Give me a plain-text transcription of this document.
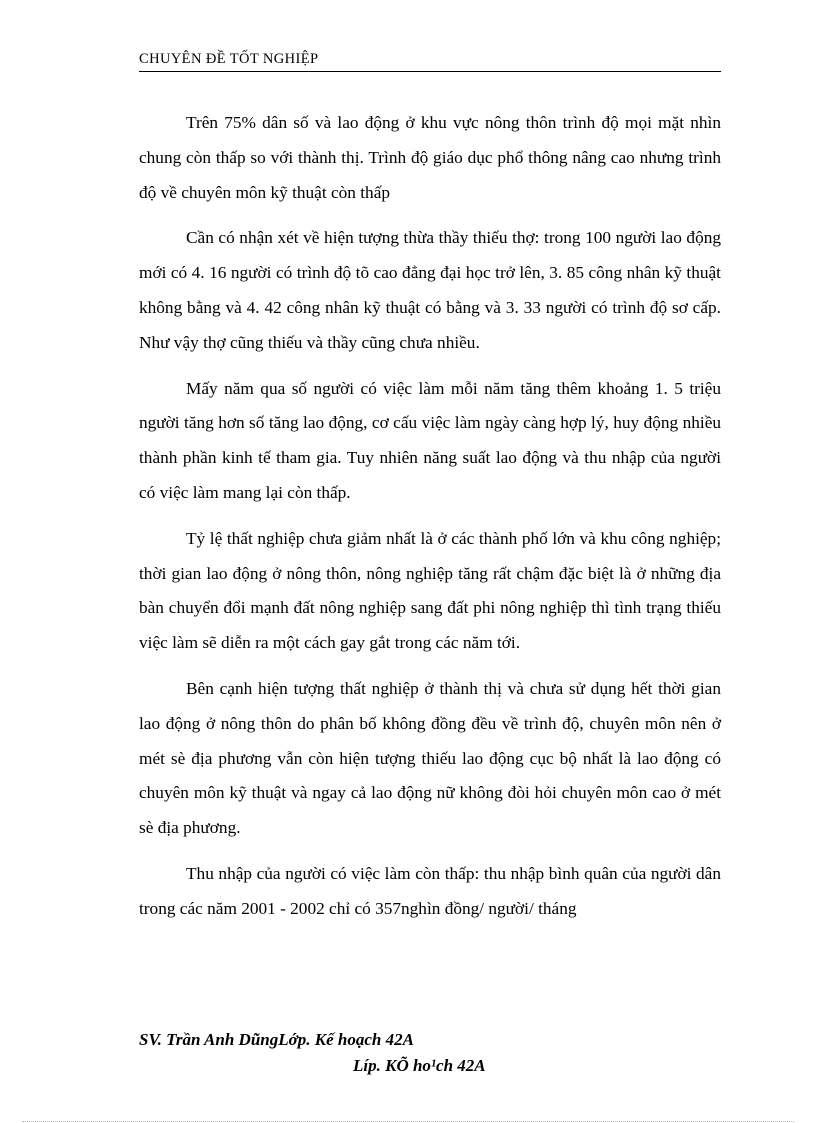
CHUYÊN ĐỀ TỐT NGHIỆP

Trên 75% dân số và lao động ở khu vực nông thôn trình độ mọi mặt nhìn chung còn thấp so với thành thị. Trình độ giáo dục phổ thông nâng cao nhưng trình độ về chuyên môn kỹ thuật còn thấp

Cần có nhận xét về hiện tượng thừa thầy thiếu thợ: trong 100 người lao động mới có 4. 16 người có trình độ tõ cao đẳng đại học trở lên, 3. 85 công nhân kỹ thuật không bằng và 4. 42 công nhân kỹ thuật có bằng và 3. 33 người có trình độ sơ cấp. Như vậy thợ cũng thiếu và thầy cũng chưa nhiều.

Mấy năm qua số người có việc làm mỗi năm tăng thêm khoảng 1. 5 triệu người tăng hơn số tăng lao động, cơ cấu việc làm ngày càng hợp lý, huy động nhiều thành phần kinh tế tham gia. Tuy nhiên năng suất lao động và thu nhập của người có việc làm mang lại còn thấp.

Tỷ lệ thất nghiệp chưa giảm nhất là ở các thành phố lớn và khu công nghiệp; thời gian lao động ở nông thôn, nông nghiệp tăng rất chậm đặc biệt là ở những địa bàn chuyển đổi mạnh đất nông nghiệp sang đất phi nông nghiệp thì tình trạng thiếu việc làm sẽ diễn ra một cách gay gắt trong các năm tới.

Bên cạnh hiện tượng thất nghiệp ở thành thị và chưa sử dụng hết thời gian lao động ở nông thôn do phân bố không đồng đều về trình độ, chuyên môn nên ở mét sè địa phương vẫn còn hiện tượng thiếu lao động cục bộ nhất là lao động có chuyên môn kỹ thuật và ngay cả lao động nữ không đòi hỏi chuyên môn cao ở mét sè địa phương.

Thu nhập của người có việc làm còn thấp: thu nhập bình quân của người dân trong các năm 2001 - 2002 chỉ có 357nghìn đồng/ người/ tháng

SV. Trần Anh DũngLớp. Kế hoạch 42A
Líp. KÕ ho¹ch 42A
